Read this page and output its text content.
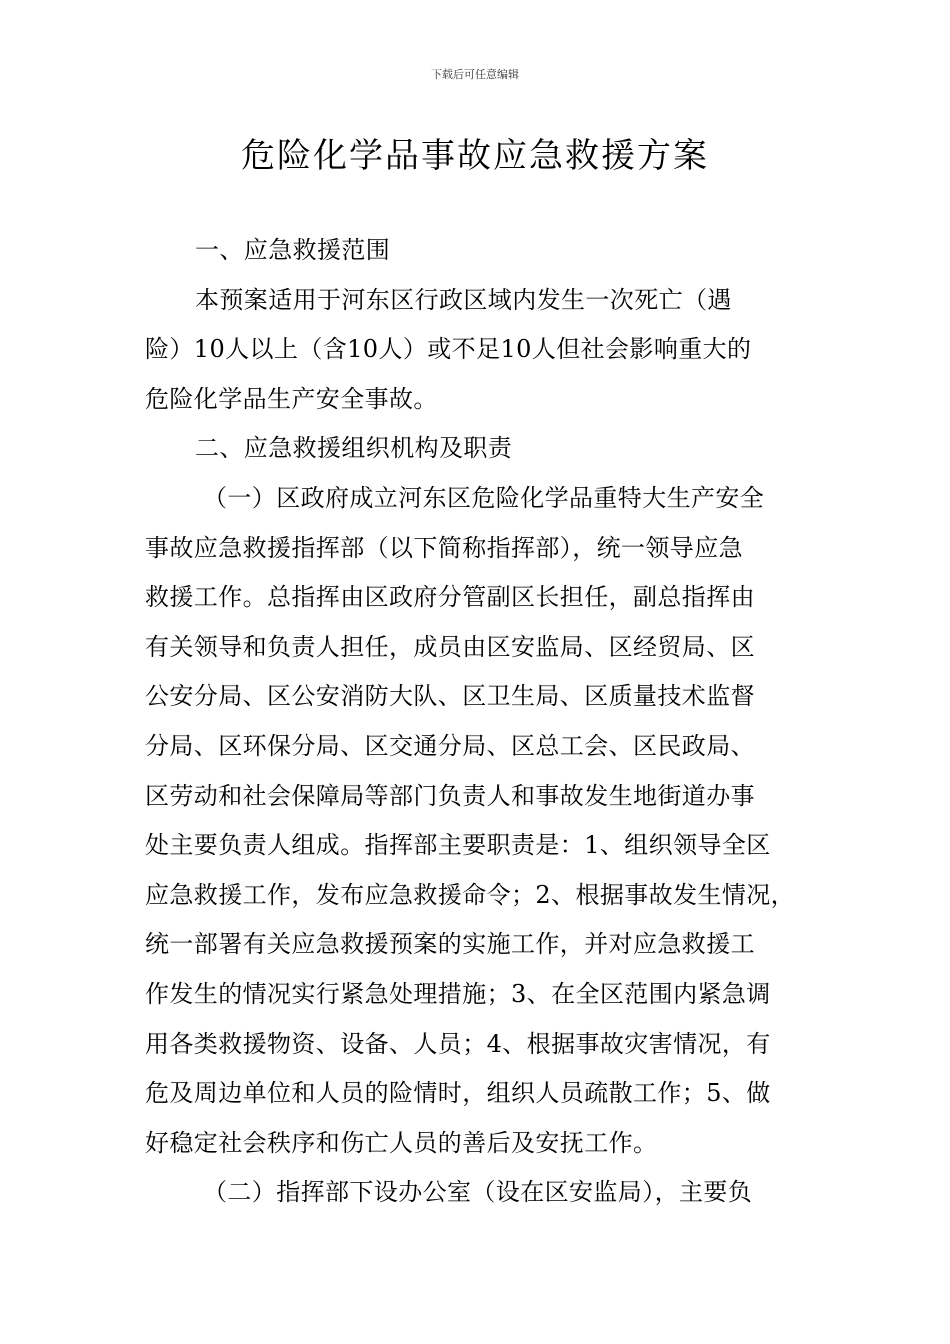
下载后可任意编辑
危险化学品事故应急救援方案
一、应急救援范围
本预案适用于河东区行政区域内发生一次死亡（遇
险）10人以上（含10人）或不足10人但社会影响重大的
危险化学品生产安全事故。
二、应急救援组织机构及职责
（一）区政府成立河东区危险化学品重特大生产安全
事故应急救援指挥部（以下简称指挥部），统一领导应急
救援工作。总指挥由区政府分管副区长担任，副总指挥由
有关领导和负责人担任，成员由区安监局、区经贸局、区
公安分局、区公安消防大队、区卫生局、区质量技术监督
分局、区环保分局、区交通分局、区总工会、区民政局、
区劳动和社会保障局等部门负责人和事故发生地街道办事
处主要负责人组成。指挥部主要职责是：1、组织领导全区
应急救援工作，发布应急救援命令；2、根据事故发生情况，
统一部署有关应急救援预案的实施工作，并对应急救援工
作发生的情况实行紧急处理措施；3、在全区范围内紧急调
用各类救援物资、设备、人员；4、根据事故灾害情况，有
危及周边单位和人员的险情时，组织人员疏散工作；5、做
好稳定社会秩序和伤亡人员的善后及安抚工作。
（二）指挥部下设办公室（设在区安监局），主要负
